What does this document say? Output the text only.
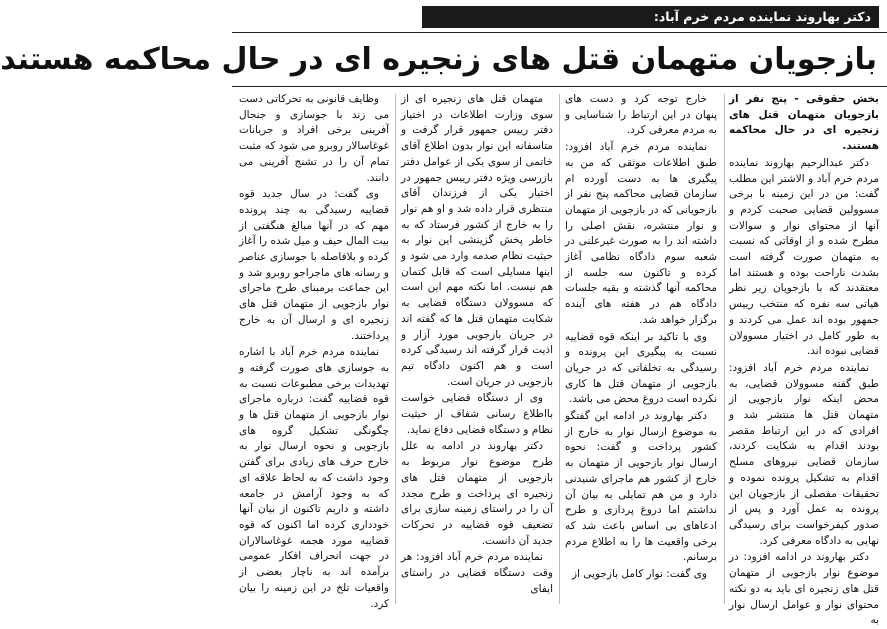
دکتر بهاروند نماینده مردم خرم آباد:
بازجویان متهمان قتل های زنجیره ای در حال محاکمه هستند

بخش حقوقی - پنج نفر از بازجویان متهمان قتل های زنجیره ای در حال محاکمه هستند.

دکتر عبدالرحیم بهاروند نماینده مردم خرم آباد و الاشتر این مطلب گفت: من در این زمینه با برخی مسوولین قضایی صحبت کردم و آنها از محتوای نوار و سوالات مطرح شده و از اوقاتی که نسبت به متهمان صورت گرفته است بشدت ناراحت بوده و هستند اما معتقدند که با بازجویان زیر نظر هیاتی سه نفره که منتخب رییس جمهور بوده اند عمل می کردند و به طور کامل در اختیار مسوولان قضایی نبوده اند.

نماینده مردم خرم آباد افزود: طبق گفته مسوولان قضایی، به محض اینکه نوار بازجویی از متهمان قتل ها منتشر شد و افرادی که در این ارتباط مقصر بودند اقدام به شکایت کردند، سازمان قضایی نیروهای مسلح اقدام به تشکیل پرونده نموده و تحقیقات مفصلی از بازجویان این پرونده به عمل آورد و پس از صدور کیفرخواست برای رسیدگی نهایی به دادگاه معرفی کرد.

دکتر بهاروند در ادامه افزود: در موضوع نوار بازجویی از متهمان قتل های زنجیره ای باید به دو نکته محتوای نوار و عوامل ارسال نوار به

خارج توجه کرد و دست های پنهان در این ارتباط را شناسایی و به مردم معرفی کرد.

نماینده مردم خرم آباد افزود: طبق اطلاعات موثقی که من به پیگیری ها به دست آورده ام سازمان قضایی محاکمه پنج نفر از بازجویانی که در بازجویی از متهمان و نوار منتشره، نقش اصلی را داشته اند را به صورت غیرعلنی در شعبه سوم دادگاه نظامی آغاز کرده و تاکنون سه جلسه از محاکمه آنها گذشته و بقیه جلسات دادگاه هم در هفته های آینده برگزار خواهد شد.

وی با تاکید بر اینکه قوه قضاییه نسبت به پیگیری این پرونده و رسیدگی به تخلفاتی که در جریان بازجویی از متهمان قتل ها کاری نکرده است دروغ محض می باشد.

دکتر بهاروند در ادامه این گفتگو به موضوع ارسال نوار به خارج از کشور پرداخت و گفت: نحوه ارسال نوار بازجویی از متهمان به خارج از کشور هم ماجرای شنیدنی دارد و من هم تمایلی به بیان آن نداشتم اما دروغ پردازی و طرح ادعاهای بی اساس باعث شد که برخی واقعیت ها را به اطلاع مردم برسانم.

وی گفت: نوار کامل بازجویی از

متهمان قتل های زنجیره ای از سوی وزارت اطلاعات در اختیار دفتر رییس جمهور قرار گرفت و متاسفانه این نوار بدون اطلاع آقای خاتمی از سوی یکی از عوامل دفتر بازرسی ویژه دفتر رییس جمهور در اختیار یکی از فرزندان آقای منتظری قرار داده شد و او هم نوار را به خارج از کشور فرستاد که به خاطر پخش گزینشی این نوار به حیثیت نظام صدمه وارد می شود و اینها مسایلی است که قابل کتمان هم نیست. اما نکته مهم این است که مسوولان دستگاه قضایی به شکایت متهمان قتل ها که گفته اند در جریان بازجویی مورد آزار و اذیت قرار گرفته اند رسیدگی کرده است و هم اکنون دادگاه تیم بازجویی در جریان است.

وی از دستگاه قضایی خواست بااطلاع رسانی شفاف از حیثیت نظام و دستگاه قضایی دفاع نماید.

دکتر بهاروند در ادامه به علل طرح موضوع نوار مربوط به بازجویی از متهمان قتل های زنجیره ای پرداخت و طرح مجدد آن را در راستای زمینه سازی برای تضعیف قوه قضاییه در تحرکات جدید آن دانست.

نماینده مردم خرم آباد افزود: هر وقت دستگاه قضایی در راستای ایفای

وظایف قانونی به تحرکاتی دست می زند با جوسازی و جنجال آفرینی برخی افراد و جریانات غوغاسالار روبرو می شود که مثبت تمام آن را در تشنج آفرینی می دانند.

وی گفت: در سال جدید قوه قضاییه رسیدگی به چند پرونده مهم که در آنها مبالغ هنگفتی از بیت المال حیف و میل شده را آغاز کرده و بلافاصله با جوسازی عناصر و رسانه های ماجراجو روبرو شد و این جماعت برمبنای طرح ماجرای نوار بازجویی از متهمان قتل های زنجیره ای و ارسال آن به خارج پرداختند.

نماینده مردم خرم آباد با اشاره به جوسازی های صورت گرفته و تهدیدات برخی مطبوعات نسبت به قوه قضاییه گفت: درباره ماجرای نوار بازجویی از متهمان قتل ها و چگونگی تشکیل گروه های بازجویی و نحوه ارسال نوار به خارج حرف های زیادی برای گفتن وجود داشت که به لحاظ علاقه ای که به وجود آرامش در جامعه داشته و داریم تاکنون از بیان آنها خودداری کرده اما اکنون که قوه قضاییه مورد هجمه غوغاسالاران در جهت انحراف افکار عمومی برآمده اند به ناچار بعضی از واقعیات تلخ در این زمینه را بیان کرد.
